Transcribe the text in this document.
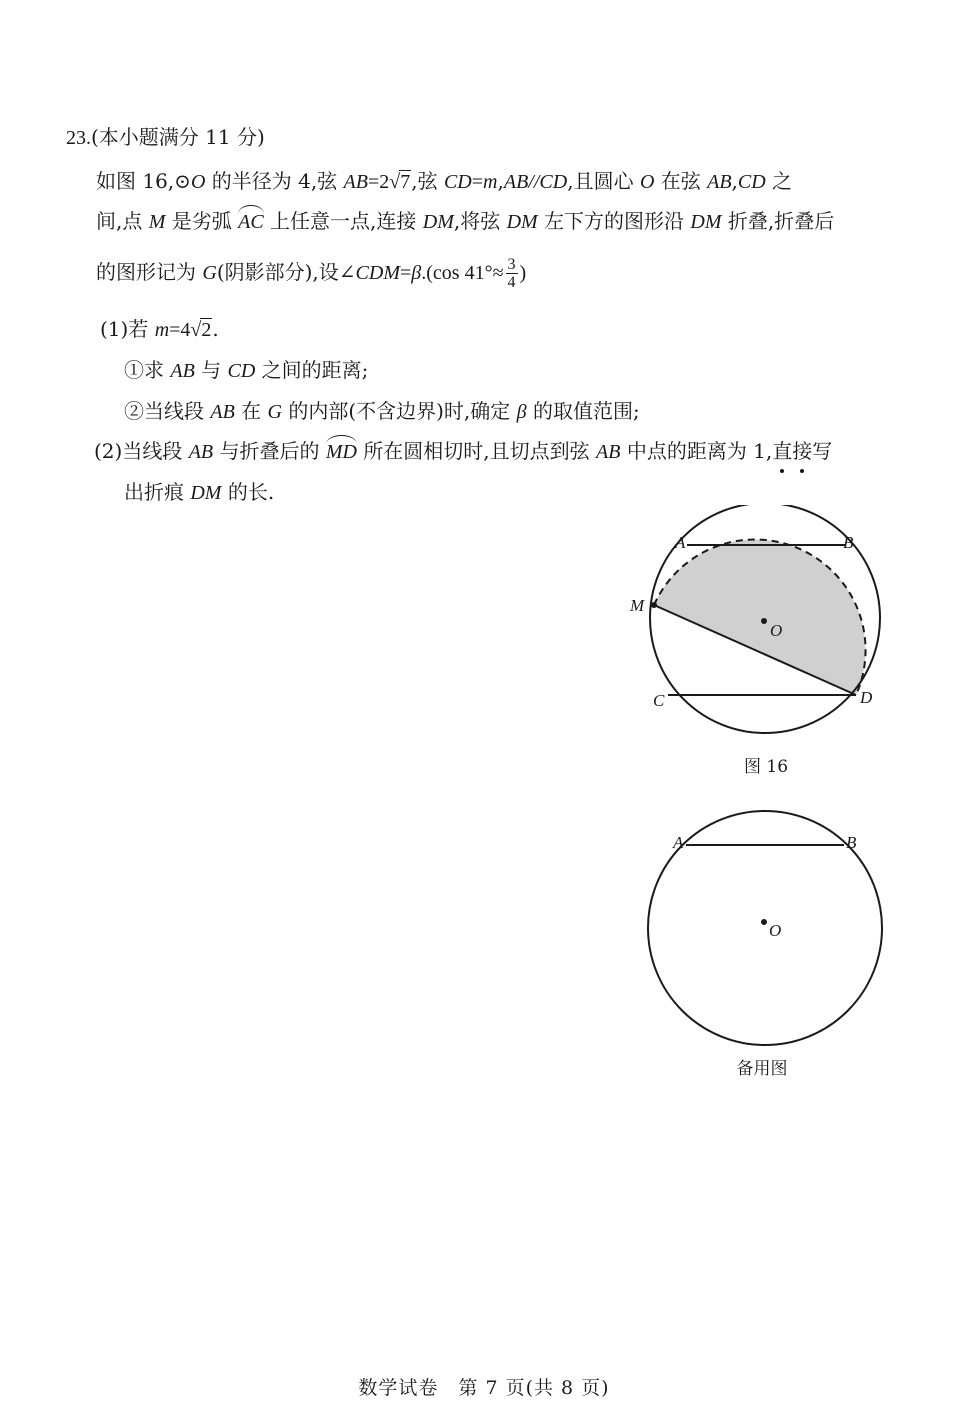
23.(本小题满分 11 分)
如图 16,⊙O 的半径为 4,弦 AB=2√7,弦 CD=m,AB//CD,且圆心 O 在弦 AB,CD 之
间,点 M 是劣弧 AC 上任意一点,连接 DM,将弦 DM 左下方的图形沿 DM 折叠,折叠后
的图形记为 G(阴影部分),设∠CDM=β.(cos $41^\circ\approx \frac{3}{4}$ )
(1)若 m=4√2.
①求 AB 与 CD 之间的距离;
②当线段 AB 在 G 的内部(不含边界)时,确定 β 的取值范围;
(2)当线段 AB 与折叠后的 MD 所在圆相切时,且切点到弦 AB 中点的距离为 1,直接写
出折痕 DM 的长.
A	B
M
O
C	D
图 16
A	B
O
备用图
数学试卷　第 7 页(共 8 页)
